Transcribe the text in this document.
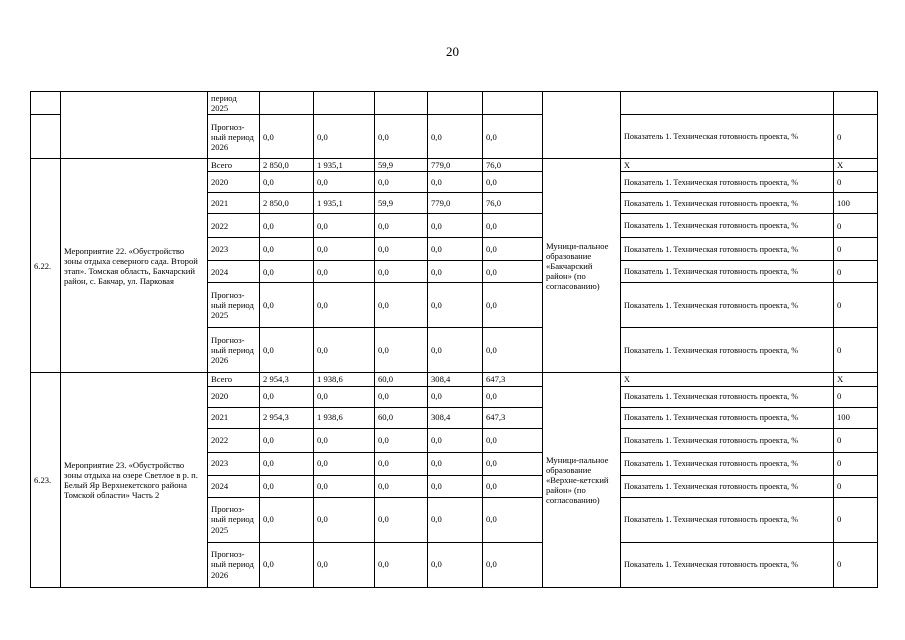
20
		период 2025								
		Прогноз-ный период 2026	0,0	0,0	0,0	0,0	0,0		Показатель 1. Техническая готовность проекта, %	0
6.22.	Мероприятие 22. «Обустройство зоны отдыха северного сада. Второй этап». Томская область, Бакчарский район, с. Бакчар, ул. Парковая	Всего	2 850,0	1 935,1	59,9	779,0	76,0	Муници-пальное образование «Бакчарский район» (по согласованию)	Х	Х
		2020	0,0	0,0	0,0	0,0	0,0		Показатель 1. Техническая готовность проекта, %	0
		2021	2 850,0	1 935,1	59,9	779,0	76,0		Показатель 1. Техническая готовность проекта, %	100
		2022	0,0	0,0	0,0	0,0	0,0		Показатель 1. Техническая готовность проекта, %	0
		2023	0,0	0,0	0,0	0,0	0,0		Показатель 1. Техническая готовность проекта, %	0
		2024	0,0	0,0	0,0	0,0	0,0		Показатель 1. Техническая готовность проекта, %	0
		Прогноз-ный период 2025	0,0	0,0	0,0	0,0	0,0		Показатель 1. Техническая готовность проекта, %	0
		Прогноз-ный период 2026	0,0	0,0	0,0	0,0	0,0		Показатель 1. Техническая готовность проекта, %	0
6.23.	Мероприятие 23. «Обустройство зоны отдыха на озере Светлое в р. п. Белый Яр Верхнекетского района Томской области» Часть 2	Всего	2 954,3	1 938,6	60,0	308,4	647,3	Муници-пальное образование «Верхне-кетский район» (по согласованию)	Х	Х
		2020	0,0	0,0	0,0	0,0	0,0		Показатель 1. Техническая готовность проекта, %	0
		2021	2 954,3	1 938,6	60,0	308,4	647,3		Показатель 1. Техническая готовность проекта, %	100
		2022	0,0	0,0	0,0	0,0	0,0		Показатель 1. Техническая готовность проекта, %	0
		2023	0,0	0,0	0,0	0,0	0,0		Показатель 1. Техническая готовность проекта, %	0
		2024	0,0	0,0	0,0	0,0	0,0		Показатель 1. Техническая готовность проекта, %	0
		Прогноз-ный период 2025	0,0	0,0	0,0	0,0	0,0		Показатель 1. Техническая готовность проекта, %	0
		Прогноз-ный период 2026	0,0	0,0	0,0	0,0	0,0		Показатель 1. Техническая готовность проекта, %	0
